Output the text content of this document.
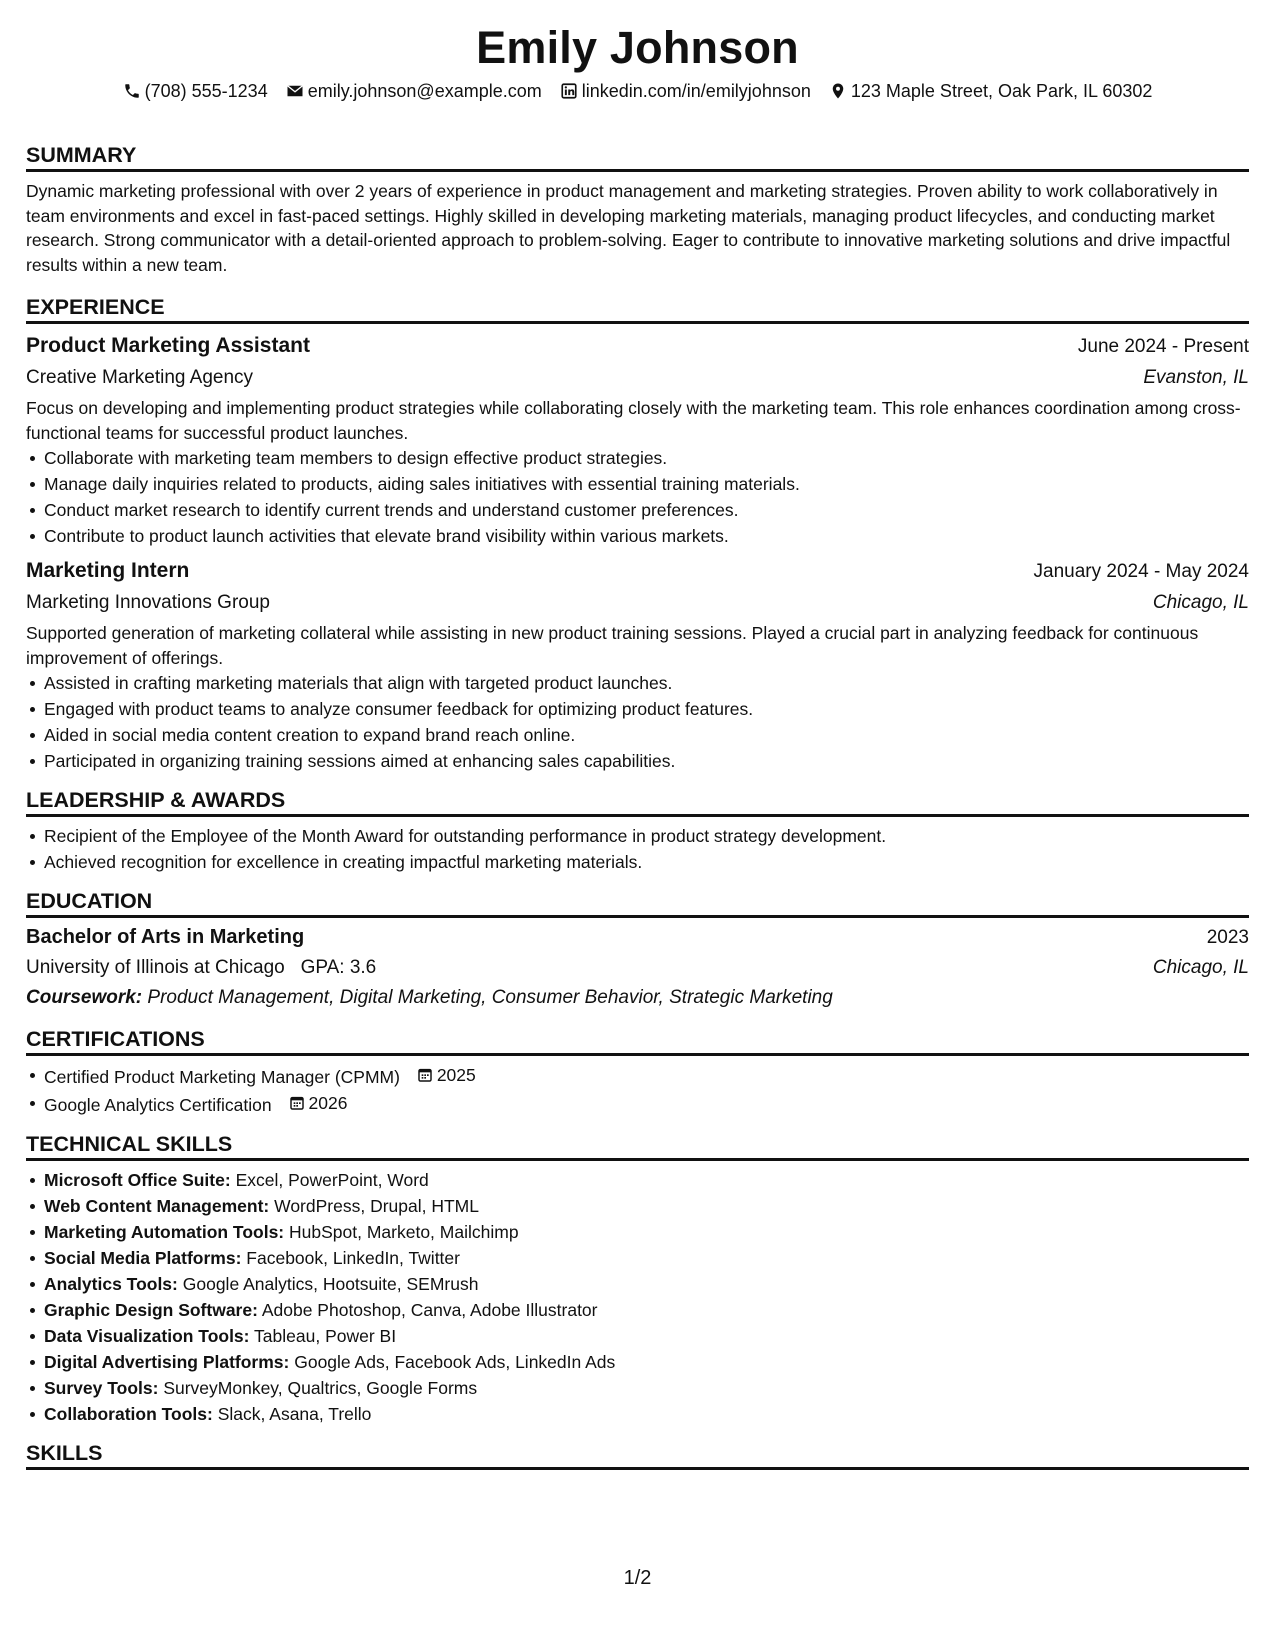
Emily Johnson
(708) 555-1234 emily.johnson@example.com linkedin.com/in/emilyjohnson 123 Maple Street, Oak Park, IL 60302
SUMMARY

Dynamic marketing professional with over 2 years of experience in product management and marketing strategies. Proven ability to work collaboratively in team environments and excel in fast-paced settings. Highly skilled in developing marketing materials, managing product lifecycles, and conducting market research. Strong communicator with a detail-oriented approach to problem-solving. Eager to contribute to innovative marketing solutions and drive impactful results within a new team.

EXPERIENCE
Product Marketing Assistant	June 2024 - Present
Creative Marketing Agency	Evanston, IL

Focus on developing and implementing product strategies while collaborating closely with the marketing team. This role enhances coordination among cross-functional teams for successful product launches.

Collaborate with marketing team members to design effective product strategies.
Manage daily inquiries related to products, aiding sales initiatives with essential training materials.
Conduct market research to identify current trends and understand customer preferences.
Contribute to product launch activities that elevate brand visibility within various markets.
Marketing Intern	January 2024 - May 2024
Marketing Innovations Group	Chicago, IL

Supported generation of marketing collateral while assisting in new product training sessions. Played a crucial part in analyzing feedback for continuous improvement of offerings.

Assisted in crafting marketing materials that align with targeted product launches.
Engaged with product teams to analyze consumer feedback for optimizing product features.
Aided in social media content creation to expand brand reach online.
Participated in organizing training sessions aimed at enhancing sales capabilities.
LEADERSHIP & AWARDS
Recipient of the Employee of the Month Award for outstanding performance in product strategy development.
Achieved recognition for excellence in creating impactful marketing materials.
EDUCATION
Bachelor of Arts in Marketing	2023
University of Illinois at Chicago GPA: 3.6	Chicago, IL
Coursework: Product Management, Digital Marketing, Consumer Behavior, Strategic Marketing
CERTIFICATIONS
Certified Product Marketing Manager (CPMM) 2025
Google Analytics Certification 2026
TECHNICAL SKILLS
Microsoft Office Suite: Excel, PowerPoint, Word
Web Content Management: WordPress, Drupal, HTML
Marketing Automation Tools: HubSpot, Marketo, Mailchimp
Social Media Platforms: Facebook, LinkedIn, Twitter
Analytics Tools: Google Analytics, Hootsuite, SEMrush
Graphic Design Software: Adobe Photoshop, Canva, Adobe Illustrator
Data Visualization Tools: Tableau, Power BI
Digital Advertising Platforms: Google Ads, Facebook Ads, LinkedIn Ads
Survey Tools: SurveyMonkey, Qualtrics, Google Forms
Collaboration Tools: Slack, Asana, Trello
SKILLS
1/2
